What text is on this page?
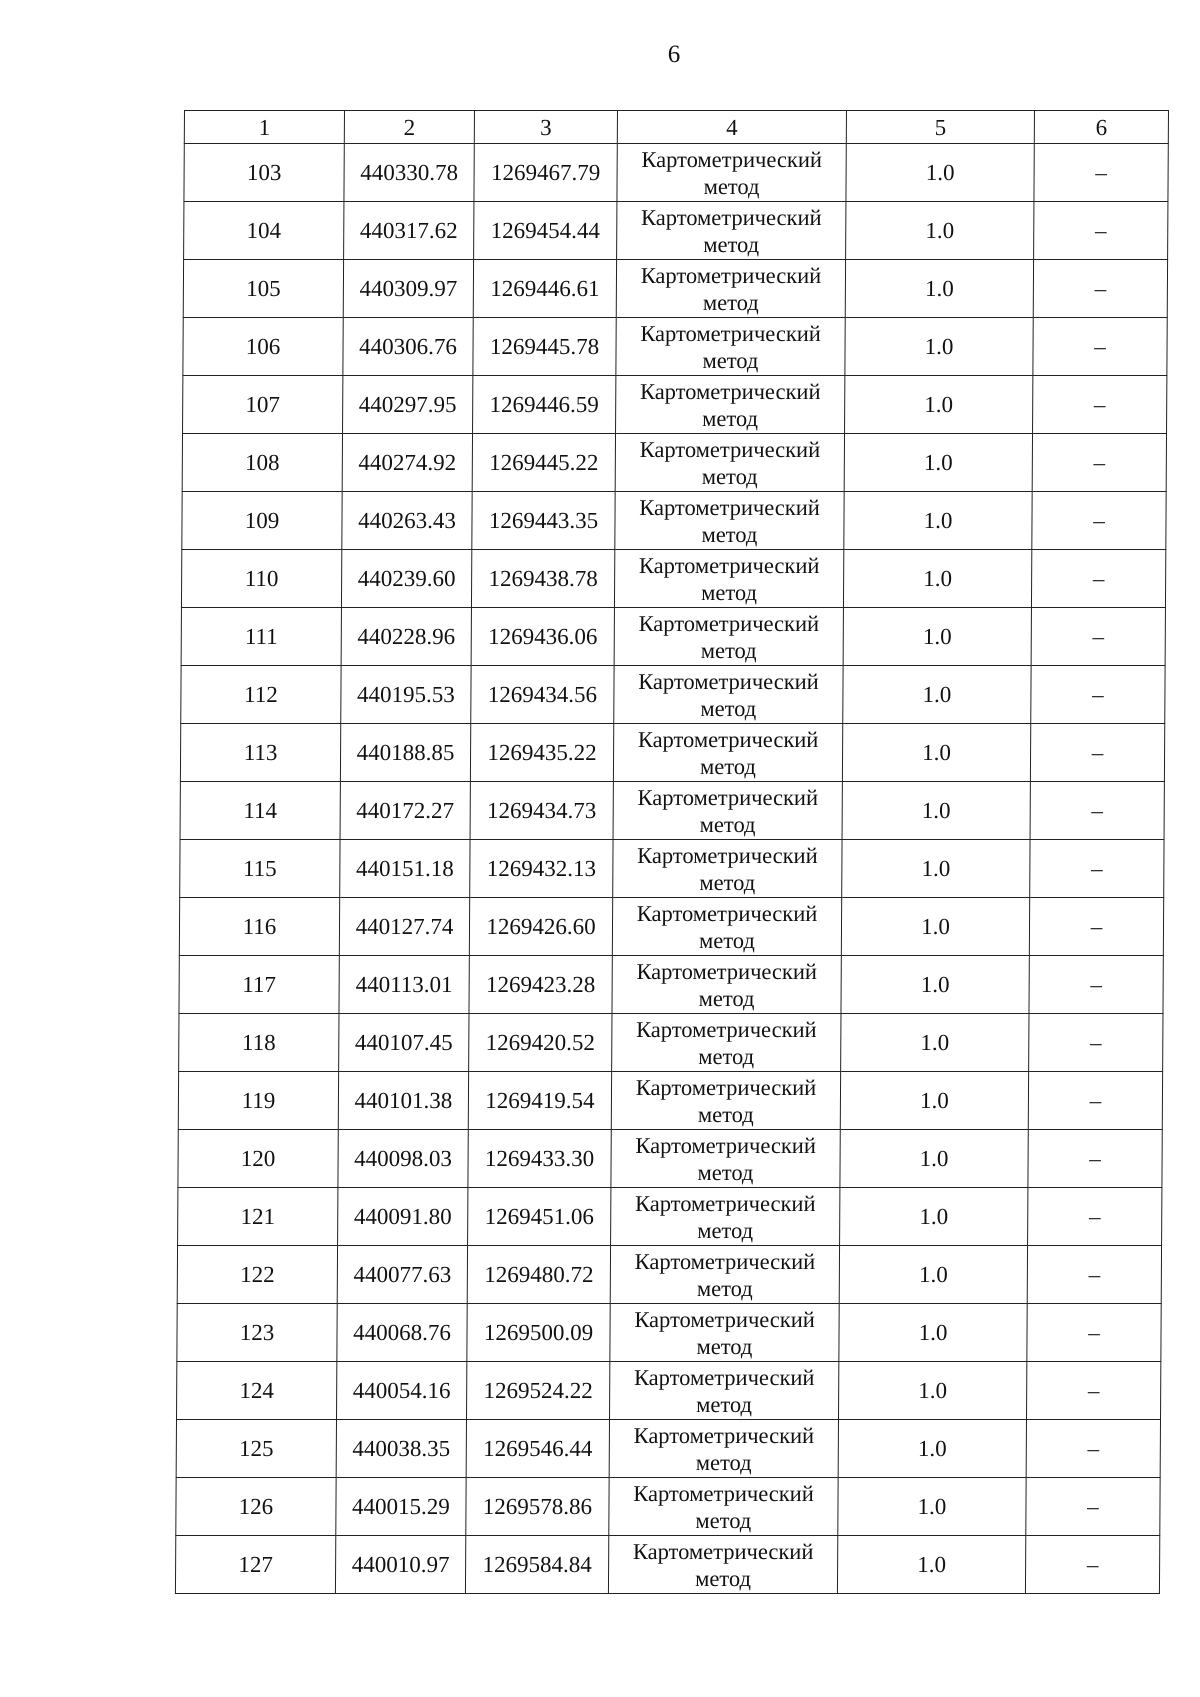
6
1	2	3	4	5	6
103	440330.78	1269467.79	Картометрический
метод	1.0	–
104	440317.62	1269454.44	Картометрический
метод	1.0	–
105	440309.97	1269446.61	Картометрический
метод	1.0	–
106	440306.76	1269445.78	Картометрический
метод	1.0	–
107	440297.95	1269446.59	Картометрический
метод	1.0	–
108	440274.92	1269445.22	Картометрический
метод	1.0	–
109	440263.43	1269443.35	Картометрический
метод	1.0	–
110	440239.60	1269438.78	Картометрический
метод	1.0	–
111	440228.96	1269436.06	Картометрический
метод	1.0	–
112	440195.53	1269434.56	Картометрический
метод	1.0	–
113	440188.85	1269435.22	Картометрический
метод	1.0	–
114	440172.27	1269434.73	Картометрический
метод	1.0	–
115	440151.18	1269432.13	Картометрический
метод	1.0	–
116	440127.74	1269426.60	Картометрический
метод	1.0	–
117	440113.01	1269423.28	Картометрический
метод	1.0	–
118	440107.45	1269420.52	Картометрический
метод	1.0	–
119	440101.38	1269419.54	Картометрический
метод	1.0	–
120	440098.03	1269433.30	Картометрический
метод	1.0	–
121	440091.80	1269451.06	Картометрический
метод	1.0	–
122	440077.63	1269480.72	Картометрический
метод	1.0	–
123	440068.76	1269500.09	Картометрический
метод	1.0	–
124	440054.16	1269524.22	Картометрический
метод	1.0	–
125	440038.35	1269546.44	Картометрический
метод	1.0	–
126	440015.29	1269578.86	Картометрический
метод	1.0	–
127	440010.97	1269584.84	Картометрический
метод	1.0	–
